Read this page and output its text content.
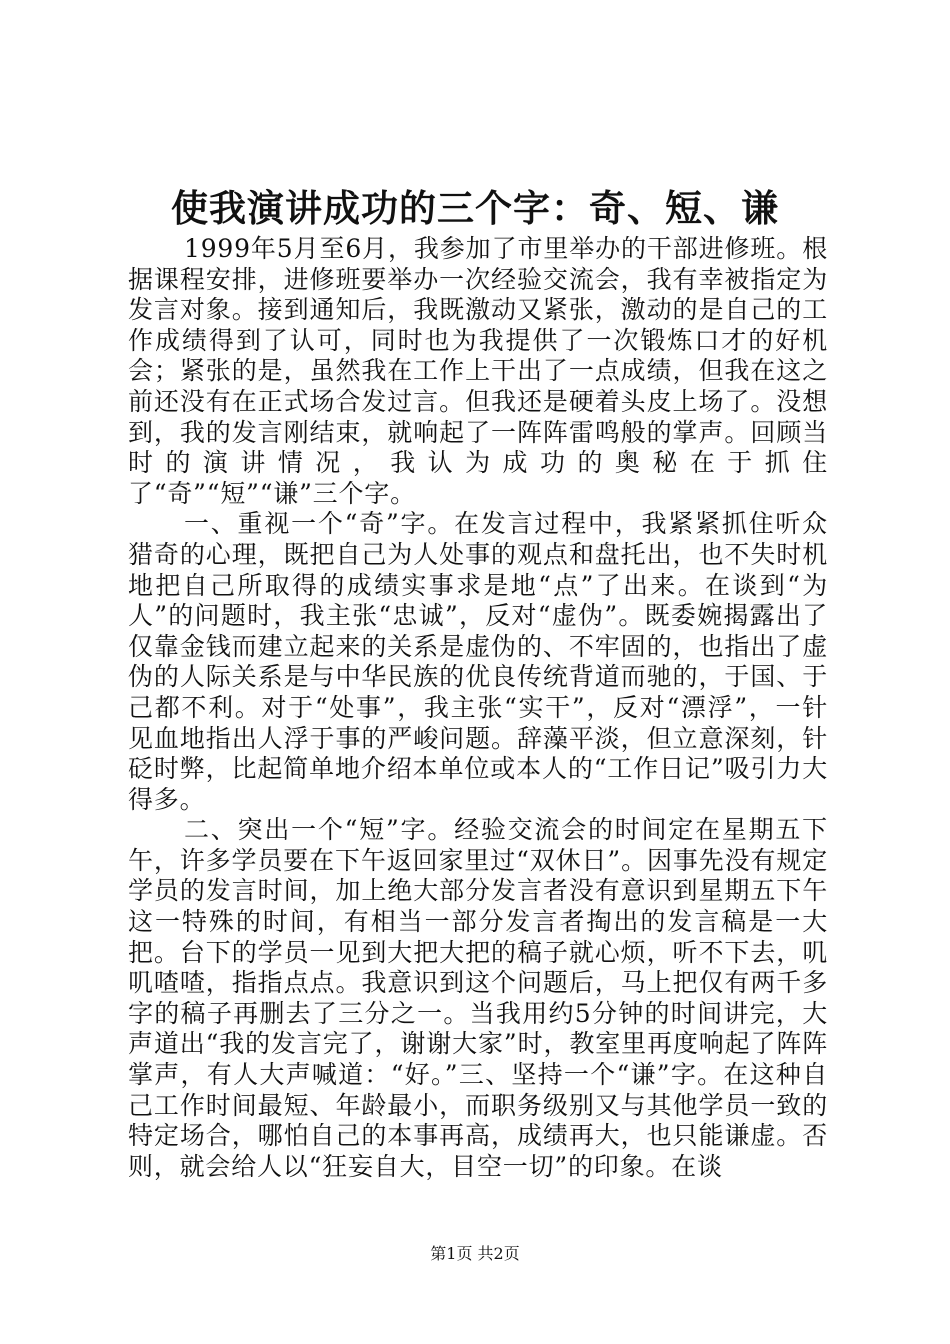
使我演讲成功的三个字：奇、短、谦

1999年5月至6月，我参加了市里举办的干部进修班。根据课程安排，进修班要举办一次经验交流会，我有幸被指定为发言对象。接到通知后，我既激动又紧张，激动的是自己的工作成绩得到了认可，同时也为我提供了一次锻炼口才的好机会；紧张的是，虽然我在工作上干出了一点成绩，但我在这之前还没有在正式场合发过言。但我还是硬着头皮上场了。没想到，我的发言刚结束，就响起了一阵阵雷鸣般的掌声。回顾当时的演讲情况，我认为成功的奥秘在于抓住了“奇”“短”“谦”三个字。

一、重视一个“奇”字。在发言过程中，我紧紧抓住听众猎奇的心理，既把自己为人处事的观点和盘托出，也不失时机地把自己所取得的成绩实事求是地“点”了出来。在谈到“为人”的问题时，我主张“忠诚”，反对“虚伪”。既委婉揭露出了仅靠金钱而建立起来的关系是虚伪的、不牢固的，也指出了虚伪的人际关系是与中华民族的优良传统背道而驰的，于国、于己都不利。对于“处事”，我主张“实干”，反对“漂浮”，一针见血地指出人浮于事的严峻问题。辞藻平淡，但立意深刻，针砭时弊，比起简单地介绍本单位或本人的“工作日记”吸引力大得多。

二、突出一个“短”字。经验交流会的时间定在星期五下午，许多学员要在下午返回家里过“双休日”。因事先没有规定学员的发言时间，加上绝大部分发言者没有意识到星期五下午这一特殊的时间，有相当一部分发言者掏出的发言稿是一大把。台下的学员一见到大把大把的稿子就心烦，听不下去，叽叽喳喳，指指点点。我意识到这个问题后，马上把仅有两千多字的稿子再删去了三分之一。当我用约5分钟的时间讲完，大声道出“我的发言完了，谢谢大家”时，教室里再度响起了阵阵掌声，有人大声喊道：“好。”三、坚持一个“谦”字。在这种自己工作时间最短、年龄最小，而职务级别又与其他学员一致的特定场合，哪怕自己的本事再高，成绩再大，也只能谦虚。否则，就会给人以“狂妄自大，目空一切”的印象。在谈

第1页 共2页
